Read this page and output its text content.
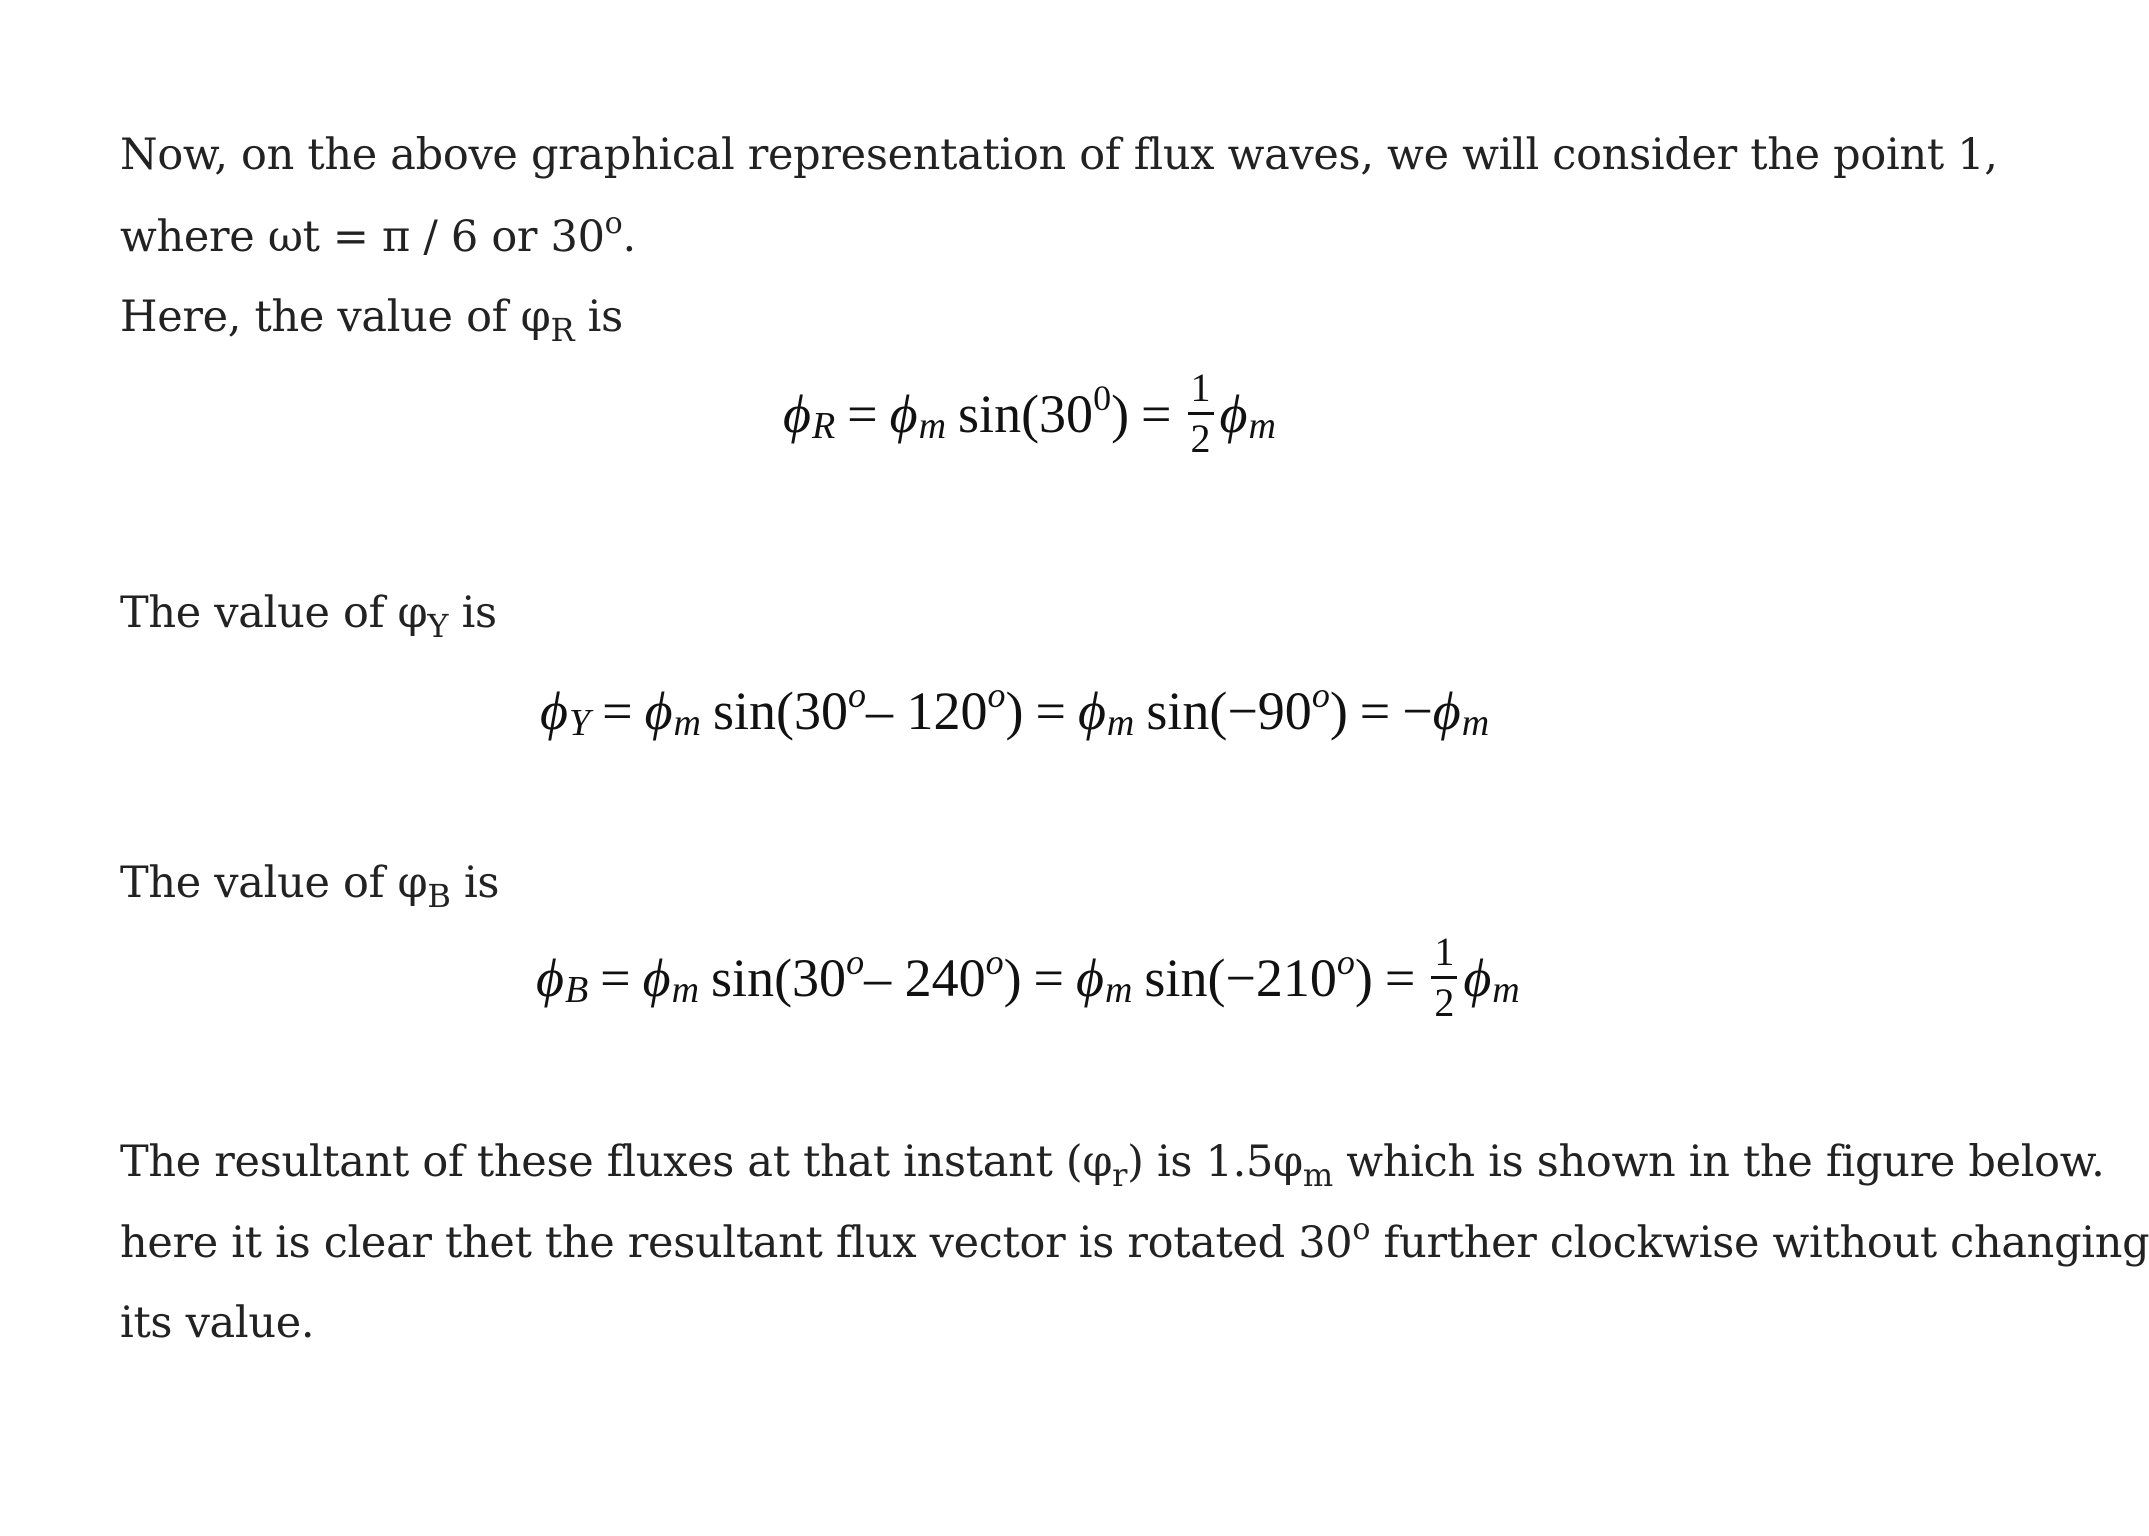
Now, on the above graphical representation of flux waves, we will consider the point 1,
where ωt = π / 6 or 30$^o$.
Here, the value of $\varphi_R$ is
ϕ R = ϕ m sin (30 0 ) = $\frac{1}{2}$ ϕ m
The value of $\varphi_Y$ is
ϕ Y = ϕ m sin (30 o – 120 o ) = ϕ m sin (−90 o ) = − ϕ m
The value of $\varphi_B$ is
ϕ B = ϕ m sin (30 o – 240 o ) = ϕ m sin (−210 o ) = $\frac{1}{2}$ ϕ m
The resultant of these fluxes at that instant $(\varphi_r)$ is $1.5\varphi_m$ which is shown in the figure below.
here it is clear thet the resultant flux vector is rotated 30$^o$ further clockwise without changing
its value.
